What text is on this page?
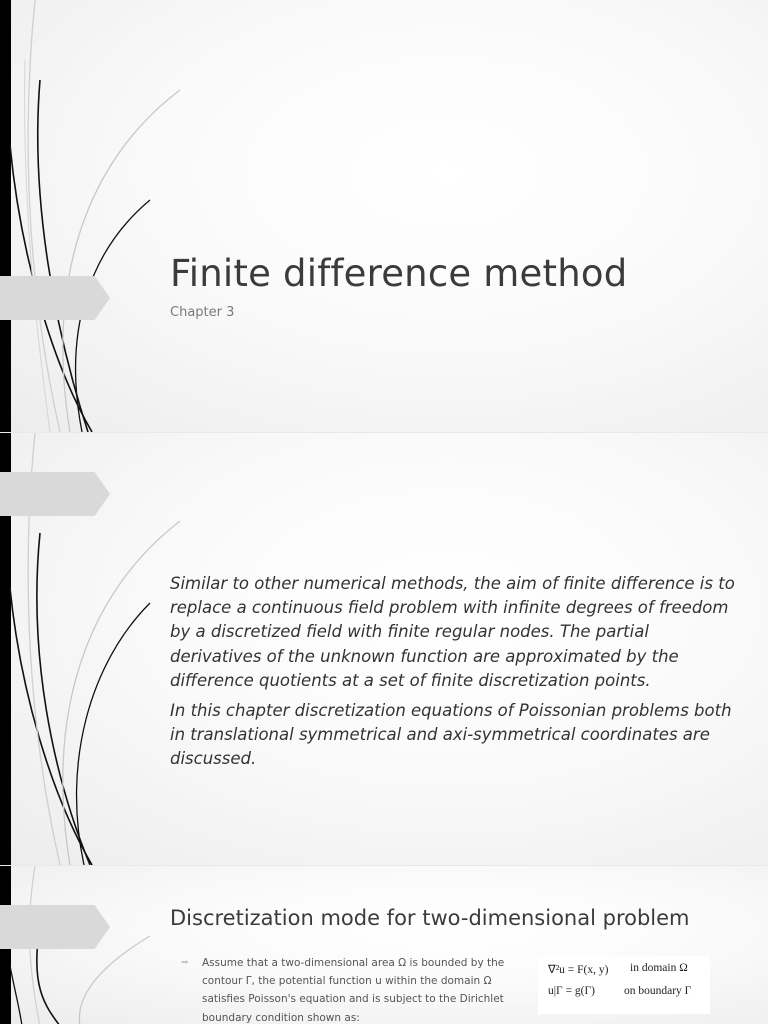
Finite difference method
Chapter 3

Similar to other numerical methods, the aim of finite difference is to replace a continuous field problem with infinite degrees of freedom by a discretized field with finite regular nodes. The partial derivatives of the unknown function are approximated by the difference quotients at a set of finite discretization points.

In this chapter discretization equations of Poissonian problems both in translational symmetrical and axi-symmetrical coordinates are discussed.

Discretization mode for two-dimensional problem
➡ Assume that a two-dimensional area Ω is bounded by the contour Γ, the potential function u within the domain Ω satisfies Poisson's equation and is subject to the Dirichlet boundary condition shown as:
∇²u = F(x, y) in domain Ω
u|Γ = g(Γ)	on boundary Γ
